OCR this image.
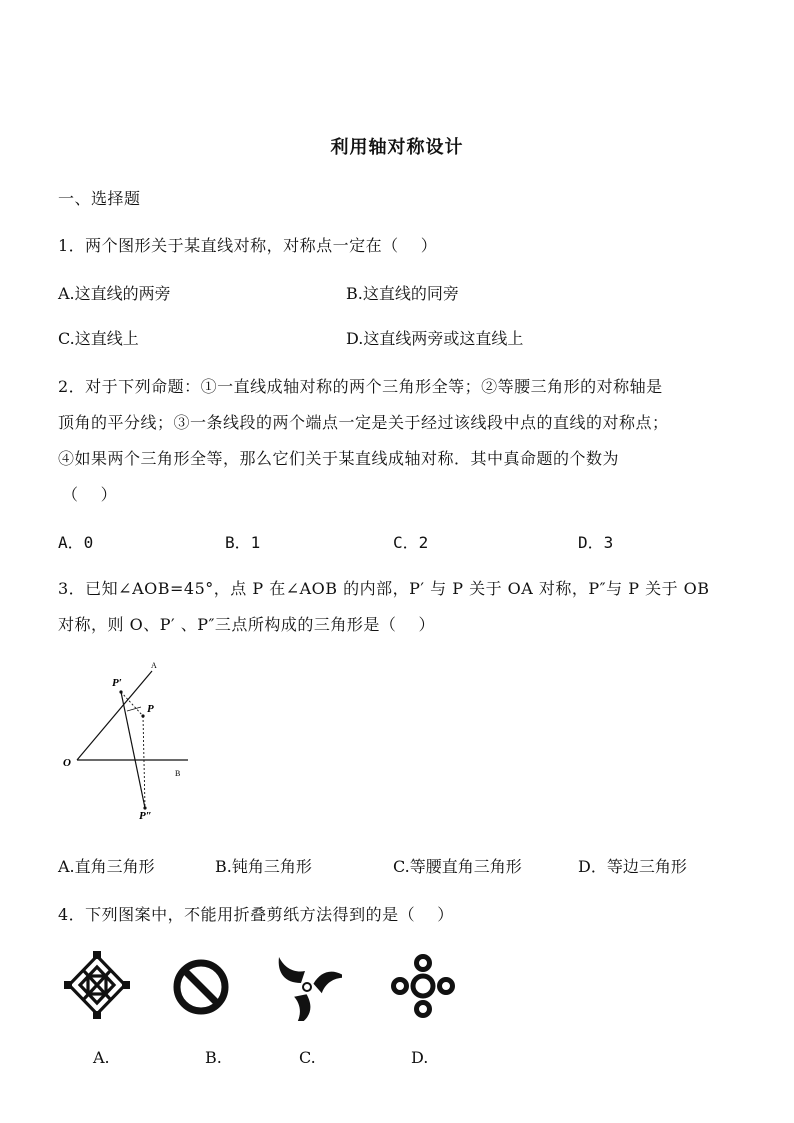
利用轴对称设计
一、选择题
1．两个图形关于某直线对称，对称点一定在（　 ）
A.这直线的两旁	B.这直线的同旁
C.这直线上	D.这直线两旁或这直线上
2．对于下列命题：①一直线成轴对称的两个三角形全等；②等腰三角形的对称轴是
顶角的平分线；③一条线段的两个端点一定是关于经过该线段中点的直线的对称点；
④如果两个三角形全等，那么它们关于某直线成轴对称．其中真命题的个数为
（　 ）
A．0	B．1	C．2	D．3
3．已知∠AOB=45°，点 P 在∠AOB 的内部，P′ 与 P 关于 OA 对称，P″与 P 关于 OB
对称，则 O、P′ 、P″三点所构成的三角形是（　 ）
A
B
O
P
P′
P″
A.直角三角形	B.钝角三角形	C.等腰直角三角形	D．等边三角形
4．下列图案中，不能用折叠剪纸方法得到的是（　 ）
A.	B.	C.	D.
